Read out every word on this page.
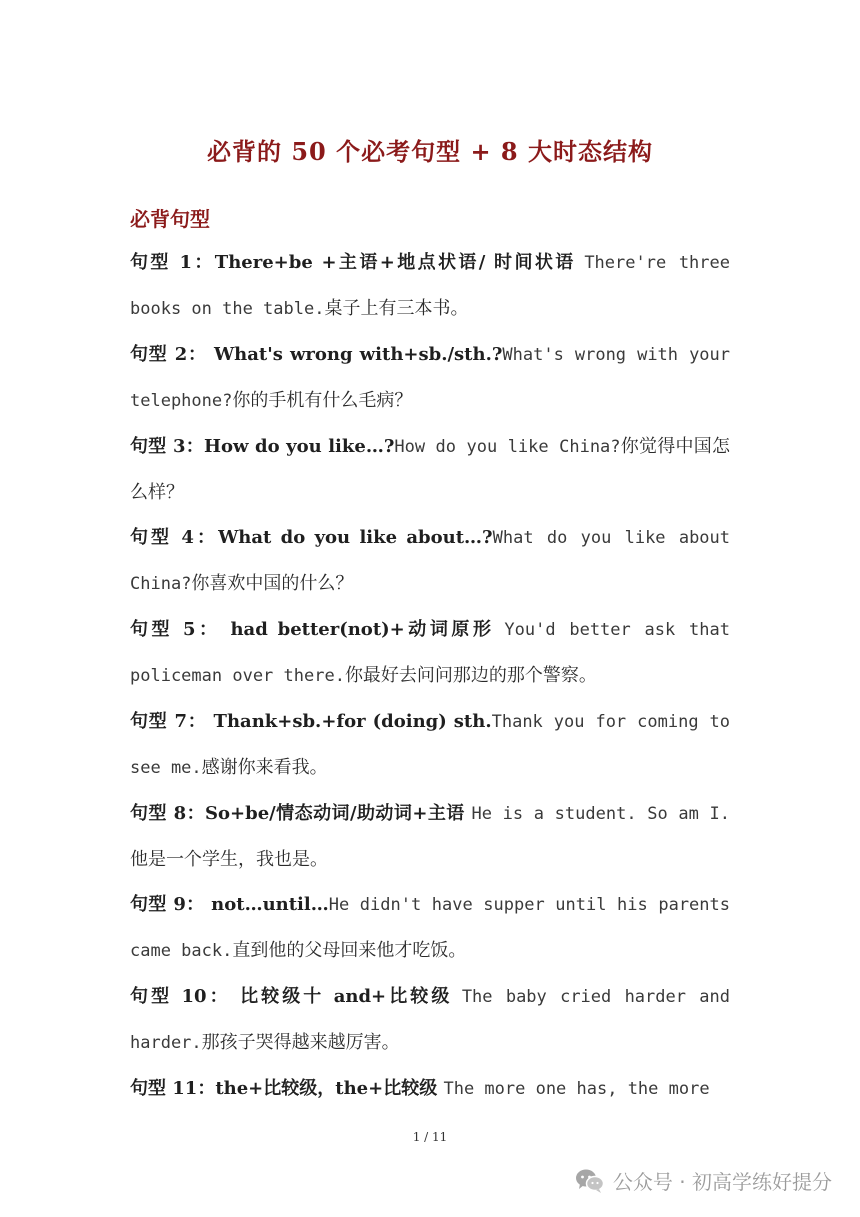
必背的 50 个必考句型 + 8 大时态结构
必背句型
句型 1：There+be +主语+地点状语/ 时间状语 There're three books on the table.桌子上有三本书。
句型 2： What's wrong with+sb./sth.?What's wrong with your telephone?你的手机有什么毛病？
句型 3：How do you like…?How do you like China?你觉得中国怎么样？
句型 4：What do you like about…?What do you like about China?你喜欢中国的什么？
句型 5： had better(not)+动词原形 You'd better ask that policeman over there.你最好去问问那边的那个警察。
句型 7： Thank+sb.+for (doing) sth.Thank you for coming to see me.感谢你来看我。
句型 8：So+be/情态动词/助动词+主语 He is a student. So am I.他是一个学生，我也是。
句型 9： not…until…He didn't have supper until his parents came back.直到他的父母回来他才吃饭。
句型 10： 比较级十 and+比较级 The baby cried harder and harder.那孩子哭得越来越厉害。
句型 11：the+比较级，the+比较级 The more one has, the more
1 / 11
公众号 · 初高学练好提分
